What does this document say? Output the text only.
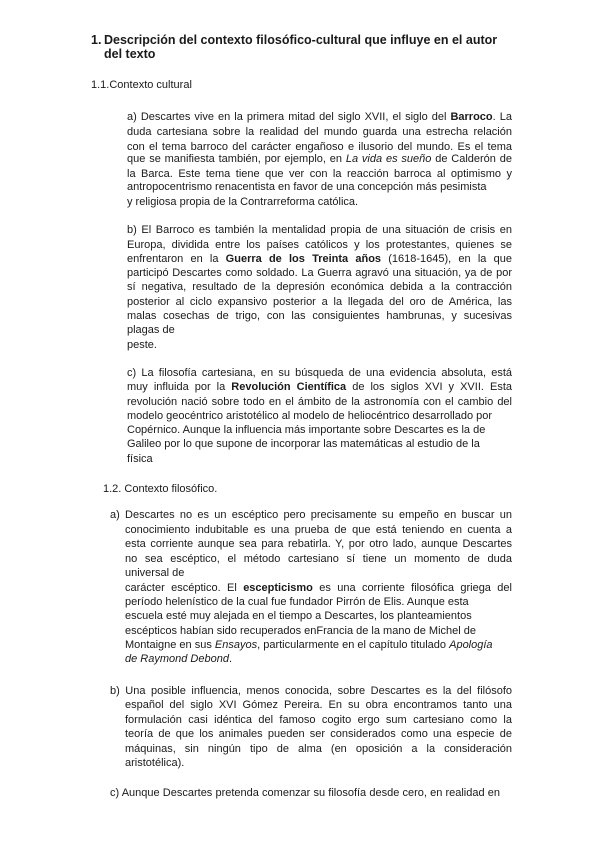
1. Descripción del contexto filosófico-cultural que influye en el autor
del texto
1.1.Contexto cultural
a) Descartes vive en la primera mitad del siglo XVII, el siglo del Barroco. La
duda cartesiana sobre la realidad del mundo guarda una estrecha relación
con el tema barroco del carácter engañoso e ilusorio del mundo. Es el tema
que se manifiesta también, por ejemplo, en La vida es sueño de Calderón de
la Barca. Este tema tiene que ver con la reacción barroca al optimismo y
antropocentrismo renacentista en favor de una concepción más pesimista
y religiosa propia de la Contrarreforma católica.
b) El Barroco es también la mentalidad propia de una situación de crisis en
Europa, dividida entre los países católicos y los protestantes, quienes se
enfrentaron en la Guerra de los Treinta años (1618-1645), en la que
participó Descartes como soldado. La Guerra agravó una situación, ya de por
sí negativa, resultado de la depresión económica debida a la contracción
posterior al ciclo expansivo posterior a la llegada del oro de América, las
malas cosechas de trigo, con las consiguientes hambrunas, y sucesivas
plagas de
peste.
c) La filosofía cartesiana, en su búsqueda de una evidencia absoluta, está
muy influida por la Revolución Científica de los siglos XVI y XVII. Esta
revolución nació sobre todo en el ámbito de la astronomía con el cambio del
modelo geocéntrico aristotélico al modelo de heliocéntrico desarrollado por
Copérnico. Aunque la influencia más importante sobre Descartes es la de
Galileo por lo que supone de incorporar las matemáticas al estudio de la
física
1.2. Contexto filosófico.
a) Descartes no es un escéptico pero precisamente su empeño en buscar un
conocimiento indubitable es una prueba de que está teniendo en cuenta a
esta corriente aunque sea para rebatirla. Y, por otro lado, aunque Descartes
no sea escéptico, el método cartesiano sí tiene un momento de duda
universal de
carácter escéptico. El escepticismo es una corriente filosófica griega del
período helenístico de la cual fue fundador Pirrón de Elis. Aunque esta
escuela esté muy alejada en el tiempo a Descartes, los planteamientos
escépticos habían sido recuperados enFrancia de la mano de Michel de
Montaigne en sus Ensayos, particularmente en el capítulo titulado Apología
de Raymond Debond.
b) Una posible influencia, menos conocida, sobre Descartes es la del filósofo
español del siglo XVI Gómez Pereira. En su obra encontramos tanto una
formulación casi idéntica del famoso cogito ergo sum cartesiano como la
teoría de que los animales pueden ser considerados como una especie de
máquinas, sin ningún tipo de alma (en oposición a la consideración
aristotélica).
c) Aunque Descartes pretenda comenzar su filosofía desde cero, en realidad en
